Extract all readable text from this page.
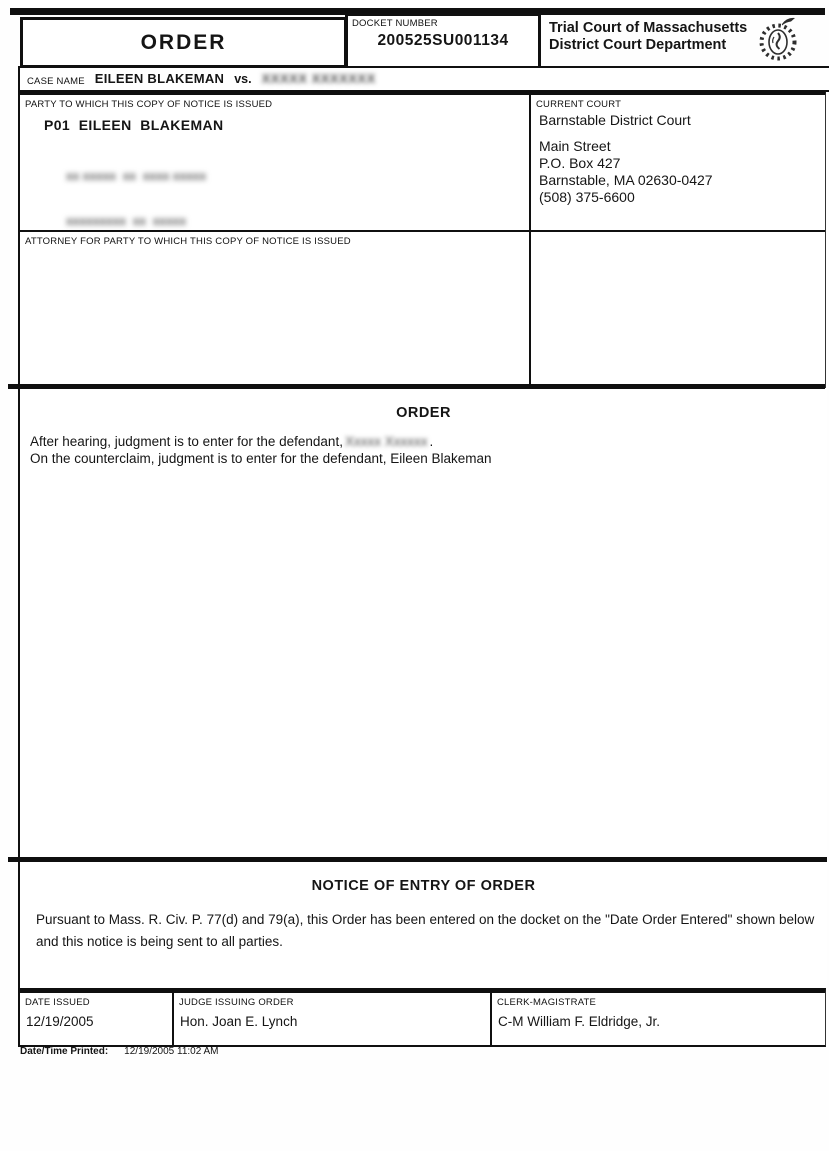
ORDER
DOCKET NUMBER
200525SU001134
Trial Court of Massachusetts
District Court Department
CASE NAME EILEEN BLAKEMAN vs. XXXXX XXXXXXX
PARTY TO WHICH THIS COPY OF NOTICE IS ISSUED
P01  EILEEN  BLAKEMAN

xx xxxxx  xx  xxxx xxxxx

xxxxxxxxx  xx  xxxxx

CURRENT COURT
Barnstable District Court
Main Street
P.O. Box 427
Barnstable, MA 02630-0427
(508) 375-6600
ATTORNEY FOR PARTY TO WHICH THIS COPY OF NOTICE IS ISSUED
ORDER
After hearing, judgment is to enter for the defendant, Xxxxx Xxxxxx .
On the counterclaim, judgment is to enter for the defendant, Eileen Blakeman
NOTICE OF ENTRY OF ORDER
Pursuant to Mass. R. Civ. P. 77(d) and 79(a), this Order has been entered on the docket on the "Date Order Entered" shown below and this notice is being sent to all parties.
DATE ISSUED
12/19/2005
JUDGE ISSUING ORDER
Hon. Joan E. Lynch
CLERK-MAGISTRATE
C-M William F. Eldridge, Jr.
Date/Time Printed: 12/19/2005 11:02 AM
